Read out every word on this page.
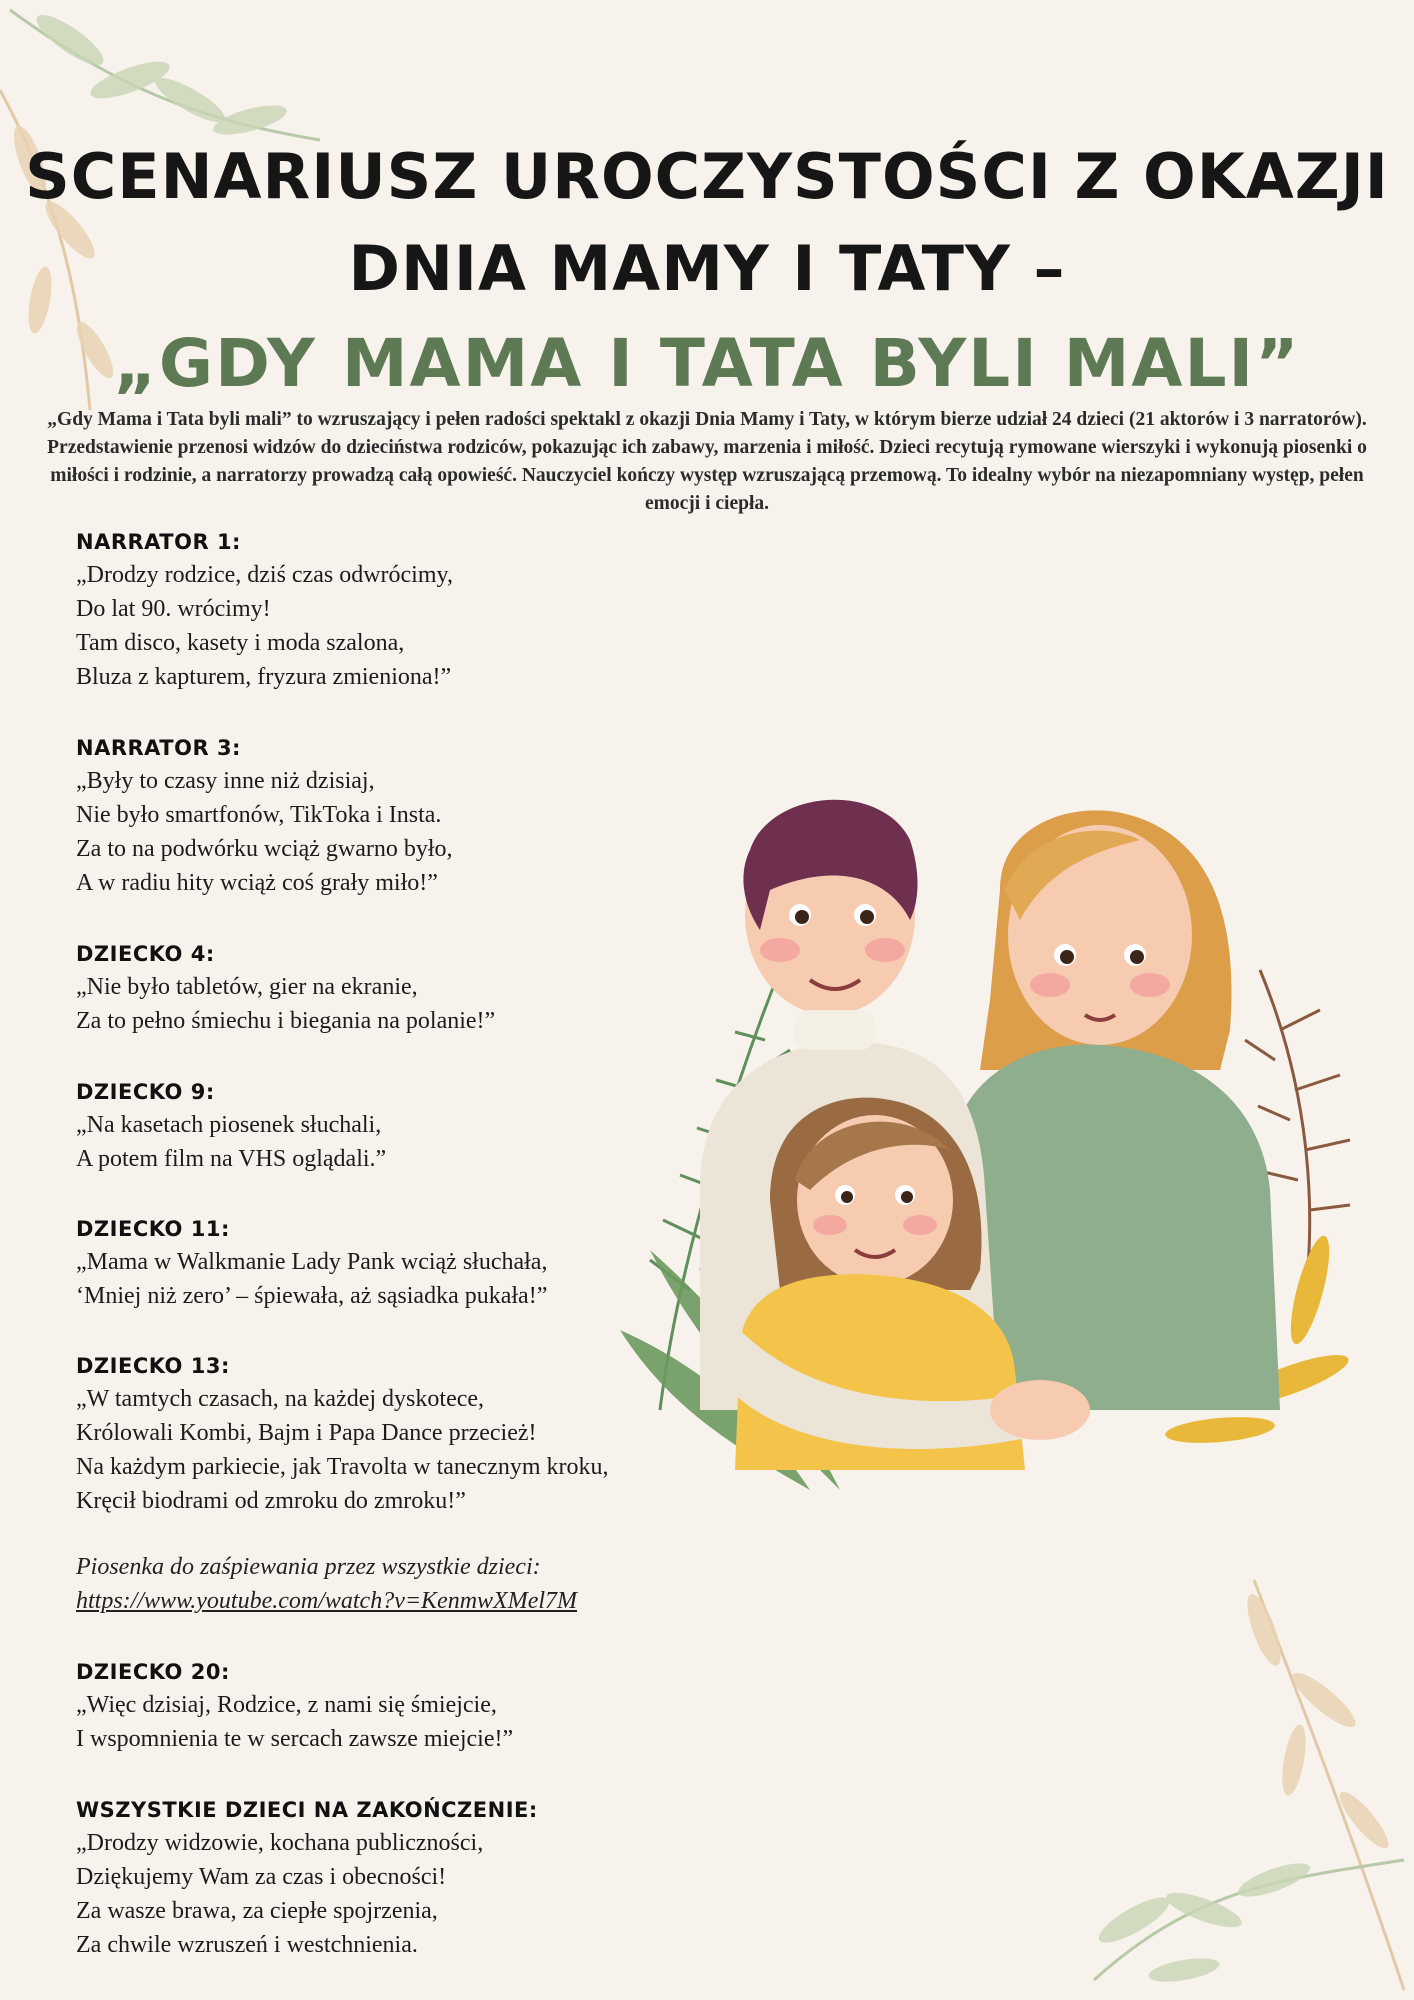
SCENARIUSZ UROCZYSTOŚCI Z OKAZJI
DNIA MAMY I TATY –
„GDY MAMA I TATA BYLI MALI”

„Gdy Mama i Tata byli mali” to wzruszający i pełen radości spektakl z okazji Dnia Mamy i Taty, w którym bierze udział 24 dzieci (21 aktorów i 3 narratorów). Przedstawienie przenosi widzów do dzieciństwa rodziców, pokazując ich zabawy, marzenia i miłość. Dzieci recytują rymowane wierszyki i wykonują piosenki o miłości i rodzinie, a narratorzy prowadzą całą opowieść. Nauczyciel kończy występ wzruszającą przemową. To idealny wybór na niezapomniany występ, pełen emocji i ciepła.

NARRATOR 1:

„Drodzy rodzice, dziś czas odwrócimy,
Do lat 90. wrócimy!
Tam disco, kasety i moda szalona,
Bluza z kapturem, fryzura zmieniona!”

NARRATOR 3:

„Były to czasy inne niż dzisiaj,
Nie było smartfonów, TikToka i Insta.
Za to na podwórku wciąż gwarno było,
A w radiu hity wciąż coś grały miło!”

DZIECKO 4:

„Nie było tabletów, gier na ekranie,
Za to pełno śmiechu i biegania na polanie!”

DZIECKO 9:

„Na kasetach piosenek słuchali,
A potem film na VHS oglądali.”

DZIECKO 11:

„Mama w Walkmanie Lady Pank wciąż słuchała,
‘Mniej niż zero’ – śpiewała, aż sąsiadka pukała!”

DZIECKO 13:

„W tamtych czasach, na każdej dyskotece,
Królowali Kombi, Bajm i Papa Dance przecież!
Na każdym parkiecie, jak Travolta w tanecznym kroku,
Kręcił biodrami od zmroku do zmroku!”

Piosenka do zaśpiewania przez wszystkie dzieci:
https://www.youtube.com/watch?v=KenmwXMel7M

DZIECKO 20:

„Więc dzisiaj, Rodzice, z nami się śmiejcie,
I wspomnienia te w sercach zawsze miejcie!”

WSZYSTKIE DZIECI NA ZAKOŃCZENIE:

„Drodzy widzowie, kochana publiczności,
Dziękujemy Wam za czas i obecności!
Za wasze brawa, za ciepłe spojrzenia,
Za chwile wzruszeń i westchnienia.
